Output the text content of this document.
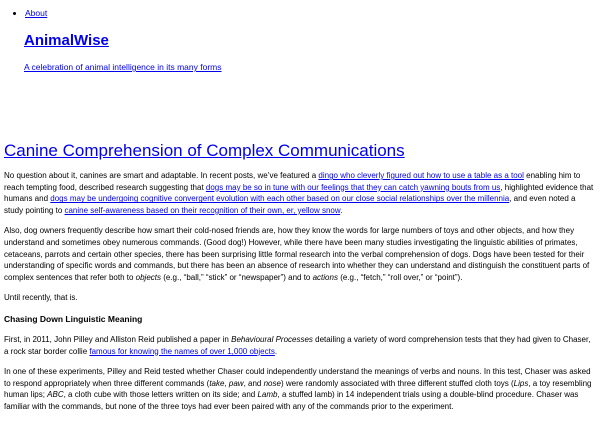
• About
AnimalWise

A celebration of animal intelligence in its many forms

Canine Comprehension of Complex Communications

No question about it, canines are smart and adaptable. In recent posts, we’ve featured a dingo who cleverly figured out how to use a table as a tool enabling him to reach tempting food, described research suggesting that dogs may be so in tune with our feelings that they can catch yawning bouts from us, highlighted evidence that humans and dogs may be undergoing cognitive convergent evolution with each other based on our close social relationships over the millennia, and even noted a study pointing to canine self-awareness based on their recognition of their own, er, yellow snow.

Also, dog owners frequently describe how smart their cold-nosed friends are, how they know the words for large numbers of toys and other objects, and how they understand and sometimes obey numerous commands. (Good dog!) However, while there have been many studies investigating the linguistic abilities of primates, cetaceans, parrots and certain other species, there has been surprising little formal research into the verbal comprehension of dogs. Dogs have been tested for their understanding of specific words and commands, but there has been an absence of research into whether they can understand and distinguish the constituent parts of complex sentences that refer both to objects (e.g., “ball,” “stick” or “newspaper”) and to actions (e.g., “fetch,” “roll over,” or “point”).

Until recently, that is.

Chasing Down Linguistic Meaning

First, in 2011, John Pilley and Alliston Reid published a paper in Behavioural Processes detailing a variety of word comprehension tests that they had given to Chaser, a rock star border collie famous for knowing the names of over 1,000 objects.

In one of these experiments, Pilley and Reid tested whether Chaser could independently understand the meanings of verbs and nouns. In this test, Chaser was asked to respond appropriately when three different commands (take, paw, and nose) were randomly associated with three different stuffed cloth toys (Lips, a toy resembling human lips; ABC, a cloth cube with those letters written on its side; and Lamb, a stuffed lamb) in 14 independent trials using a double-blind procedure. Chaser was familiar with the commands, but none of the three toys had ever been paired with any of the commands prior to the experiment.
